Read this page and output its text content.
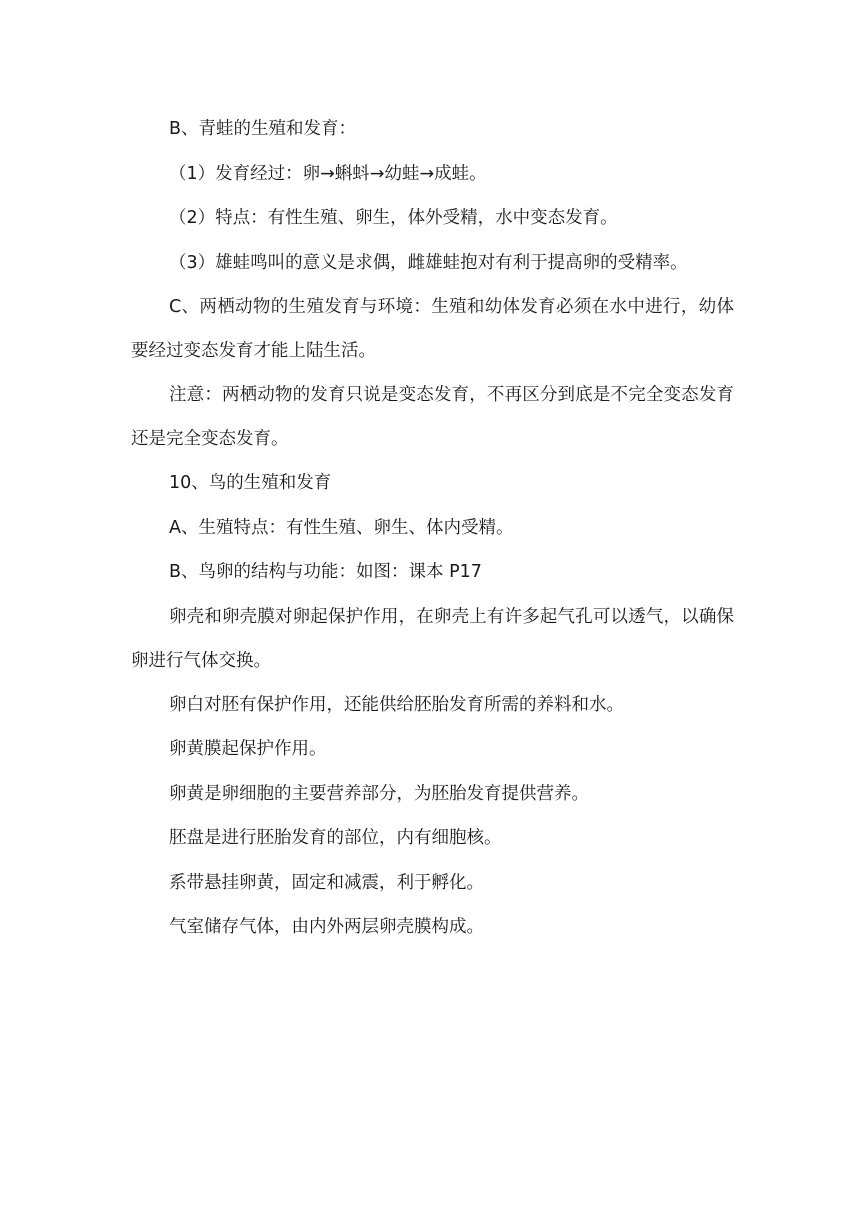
B、青蛙的生殖和发育：

（1）发育经过：卵→蝌蚪→幼蛙→成蛙。

（2）特点：有性生殖、卵生，体外受精，水中变态发育。

（3）雄蛙鸣叫的意义是求偶，雌雄蛙抱对有利于提高卵的受精率。

C、两栖动物的生殖发育与环境：生殖和幼体发育必须在水中进行，幼体要经过变态发育才能上陆生活。

注意：两栖动物的发育只说是变态发育，不再区分到底是不完全变态发育还是完全变态发育。

10、鸟的生殖和发育

A、生殖特点：有性生殖、卵生、体内受精。

B、鸟卵的结构与功能：如图：课本 P17

卵壳和卵壳膜对卵起保护作用，在卵壳上有许多起气孔可以透气，以确保卵进行气体交换。

卵白对胚有保护作用，还能供给胚胎发育所需的养料和水。

卵黄膜起保护作用。

卵黄是卵细胞的主要营养部分，为胚胎发育提供营养。

胚盘是进行胚胎发育的部位，内有细胞核。

系带悬挂卵黄，固定和减震，利于孵化。

气室储存气体，由内外两层卵壳膜构成。
